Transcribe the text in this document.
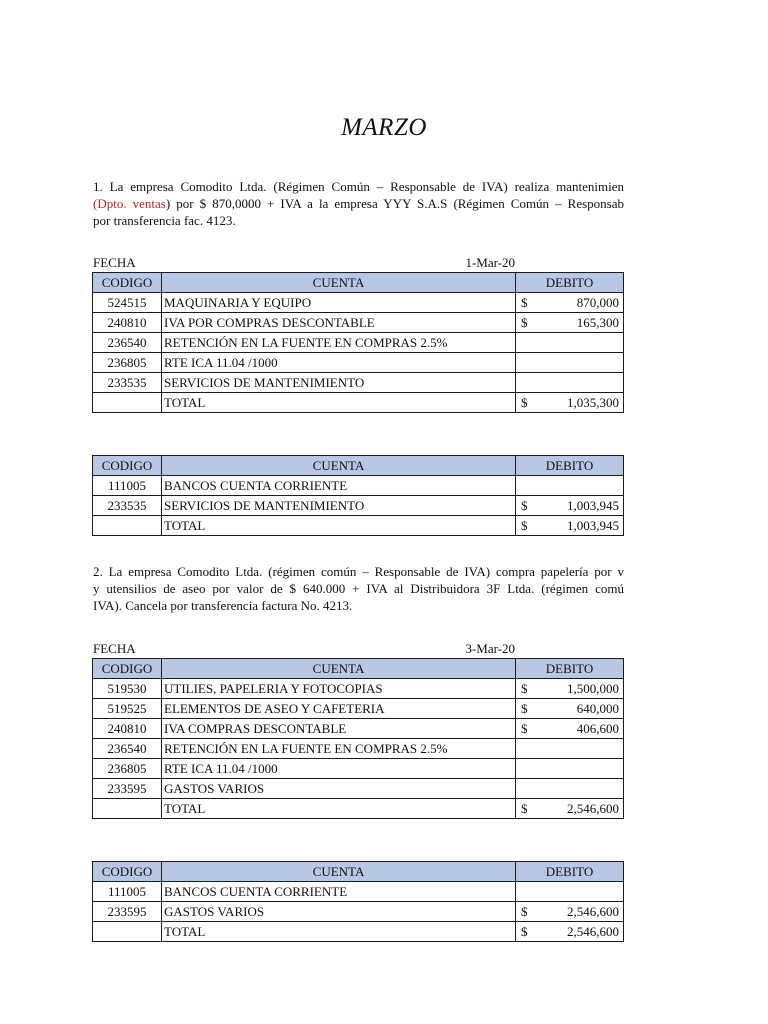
MARZO
1. La empresa Comodito Ltda. (Régimen Común – Responsable de IVA) realiza mantenimien
(Dpto. ventas) por $ 870,0000 + IVA a la empresa YYY S.A.S (Régimen Común – Responsab
por transferencia fac. 4123.
FECHA	1-Mar-20
CODIGO	CUENTA	DEBITO
524515	MAQUINARIA Y EQUIPO	$ 870,000

240810	IVA POR COMPRAS DESCONTABLE	$ 165,300

236540	RETENCIÓN EN LA FUENTE EN COMPRAS 2.5%	

236805	RTE ICA 11.04 /1000	

233535	SERVICIOS DE MANTENIMIENTO	

	TOTAL	$ 1,035,300
CODIGO	CUENTA	DEBITO
111005	BANCOS CUENTA CORRIENTE	

233535	SERVICIOS DE MANTENIMIENTO	$ 1,003,945

	TOTAL	$ 1,003,945
2. La empresa Comodito Ltda. (régimen común – Responsable de IVA) compra papelería por v
y utensilios de aseo por valor de $ 640.000 + IVA al Distribuidora 3F Ltda. (régimen comú
IVA). Cancela por transferencia factura No. 4213.
FECHA	3-Mar-20
CODIGO	CUENTA	DEBITO
519530	UTILIES, PAPELERIA Y FOTOCOPIAS	$ 1,500,000

519525	ELEMENTOS DE ASEO Y CAFETERIA	$ 640,000

240810	IVA COMPRAS DESCONTABLE	$ 406,600

236540	RETENCIÓN EN LA FUENTE EN COMPRAS 2.5%	

236805	RTE ICA 11.04 /1000	

233595	GASTOS VARIOS	

	TOTAL	$ 2,546,600
CODIGO	CUENTA	DEBITO
111005	BANCOS CUENTA CORRIENTE	

233595	GASTOS VARIOS	$ 2,546,600

	TOTAL	$ 2,546,600
